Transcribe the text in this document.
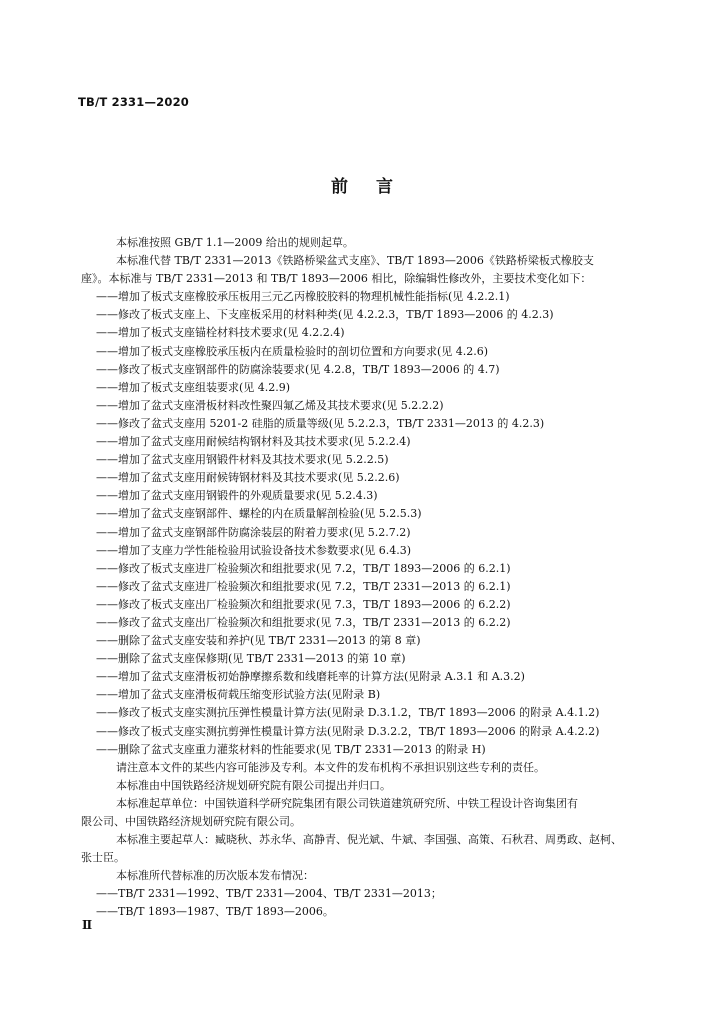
TB/T 2331—2020
前言

本标准按照 GB/T 1.1—2009 给出的规则起草。

本标准代替 TB/T 2331—2013《铁路桥梁盆式支座》、TB/T 1893—2006《铁路桥梁板式橡胶支

座》。本标准与 TB/T 2331—2013 和 TB/T 1893—2006 相比，除编辑性修改外，主要技术变化如下：

——增加了板式支座橡胶承压板用三元乙丙橡胶胶料的物理机械性能指标(见 4.2.2.1)

——修改了板式支座上、下支座板采用的材料种类(见 4.2.2.3，TB/T 1893—2006 的 4.2.3)

——增加了板式支座锚栓材料技术要求(见 4.2.2.4)

——增加了板式支座橡胶承压板内在质量检验时的剖切位置和方向要求(见 4.2.6)

——修改了板式支座钢部件的防腐涂装要求(见 4.2.8，TB/T 1893—2006 的 4.7)

——增加了板式支座组装要求(见 4.2.9)

——增加了盆式支座滑板材料改性聚四氟乙烯及其技术要求(见 5.2.2.2)

——修改了盆式支座用 5201-2 硅脂的质量等级(见 5.2.2.3，TB/T 2331—2013 的 4.2.3)

——增加了盆式支座用耐候结构钢材料及其技术要求(见 5.2.2.4)

——增加了盆式支座用钢锻件材料及其技术要求(见 5.2.2.5)

——增加了盆式支座用耐候铸钢材料及其技术要求(见 5.2.2.6)

——增加了盆式支座用钢锻件的外观质量要求(见 5.2.4.3)

——增加了盆式支座钢部件、螺栓的内在质量解剖检验(见 5.2.5.3)

——增加了盆式支座钢部件防腐涂装层的附着力要求(见 5.2.7.2)

——增加了支座力学性能检验用试验设备技术参数要求(见 6.4.3)

——修改了板式支座进厂检验频次和组批要求(见 7.2，TB/T 1893—2006 的 6.2.1)

——修改了盆式支座进厂检验频次和组批要求(见 7.2，TB/T 2331—2013 的 6.2.1)

——修改了板式支座出厂检验频次和组批要求(见 7.3，TB/T 1893—2006 的 6.2.2)

——修改了盆式支座出厂检验频次和组批要求(见 7.3，TB/T 2331—2013 的 6.2.2)

——删除了盆式支座安装和养护(见 TB/T 2331—2013 的第 8 章)

——删除了盆式支座保修期(见 TB/T 2331—2013 的第 10 章)

——增加了盆式支座滑板初始静摩擦系数和线磨耗率的计算方法(见附录 A.3.1 和 A.3.2)

——增加了盆式支座滑板荷载压缩变形试验方法(见附录 B)

——修改了板式支座实测抗压弹性模量计算方法(见附录 D.3.1.2，TB/T 1893—2006 的附录 A.4.1.2)

——修改了板式支座实测抗剪弹性模量计算方法(见附录 D.3.2.2，TB/T 1893—2006 的附录 A.4.2.2)

——删除了盆式支座重力灌浆材料的性能要求(见 TB/T 2331—2013 的附录 H)

请注意本文件的某些内容可能涉及专利。本文件的发布机构不承担识别这些专利的责任。

本标准由中国铁路经济规划研究院有限公司提出并归口。

本标准起草单位：中国铁道科学研究院集团有限公司铁道建筑研究所、中铁工程设计咨询集团有

限公司、中国铁路经济规划研究院有限公司。

本标准主要起草人：臧晓秋、苏永华、高静青、倪光斌、牛斌、李国强、高策、石秋君、周勇政、赵柯、

张士臣。

本标准所代替标准的历次版本发布情况：

——TB/T 2331—1992、TB/T 2331—2004、TB/T 2331—2013；

——TB/T 1893—1987、TB/T 1893—2006。

Ⅱ
